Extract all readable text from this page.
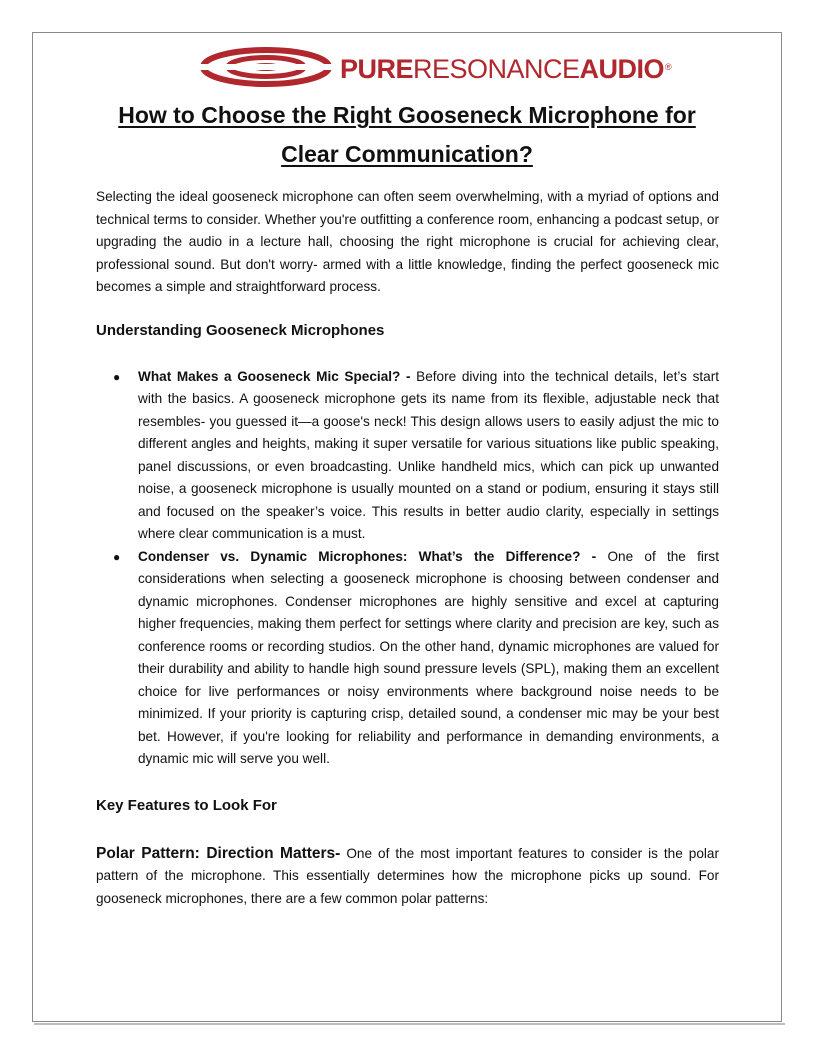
PURERESONANCEAUDIO®
How to Choose the Right Gooseneck Microphone for Clear Communication?

Selecting the ideal gooseneck microphone can often seem overwhelming, with a myriad of options and technical terms to consider. Whether you're outfitting a conference room, enhancing a podcast setup, or upgrading the audio in a lecture hall, choosing the right microphone is crucial for achieving clear, professional sound. But don't worry- armed with a little knowledge, finding the perfect gooseneck mic becomes a simple and straightforward process.

Understanding Gooseneck Microphones
● What Makes a Gooseneck Mic Special? - Before diving into the technical details, let’s start with the basics. A gooseneck microphone gets its name from its flexible, adjustable neck that resembles- you guessed it—a goose's neck! This design allows users to easily adjust the mic to different angles and heights, making it super versatile for various situations like public speaking, panel discussions, or even broadcasting. Unlike handheld mics, which can pick up unwanted noise, a gooseneck microphone is usually mounted on a stand or podium, ensuring it stays still and focused on the speaker’s voice. This results in better audio clarity, especially in settings where clear communication is a must.
● Condenser vs. Dynamic Microphones: What’s the Difference? - One of the first considerations when selecting a gooseneck microphone is choosing between condenser and dynamic microphones. Condenser microphones are highly sensitive and excel at capturing higher frequencies, making them perfect for settings where clarity and precision are key, such as conference rooms or recording studios. On the other hand, dynamic microphones are valued for their durability and ability to handle high sound pressure levels (SPL), making them an excellent choice for live performances or noisy environments where background noise needs to be minimized. If your priority is capturing crisp, detailed sound, a condenser mic may be your best bet. However, if you're looking for reliability and performance in demanding environments, a dynamic mic will serve you well.
Key Features to Look For

Polar Pattern: Direction Matters- One of the most important features to consider is the polar pattern of the microphone. This essentially determines how the microphone picks up sound. For gooseneck microphones, there are a few common polar patterns:
